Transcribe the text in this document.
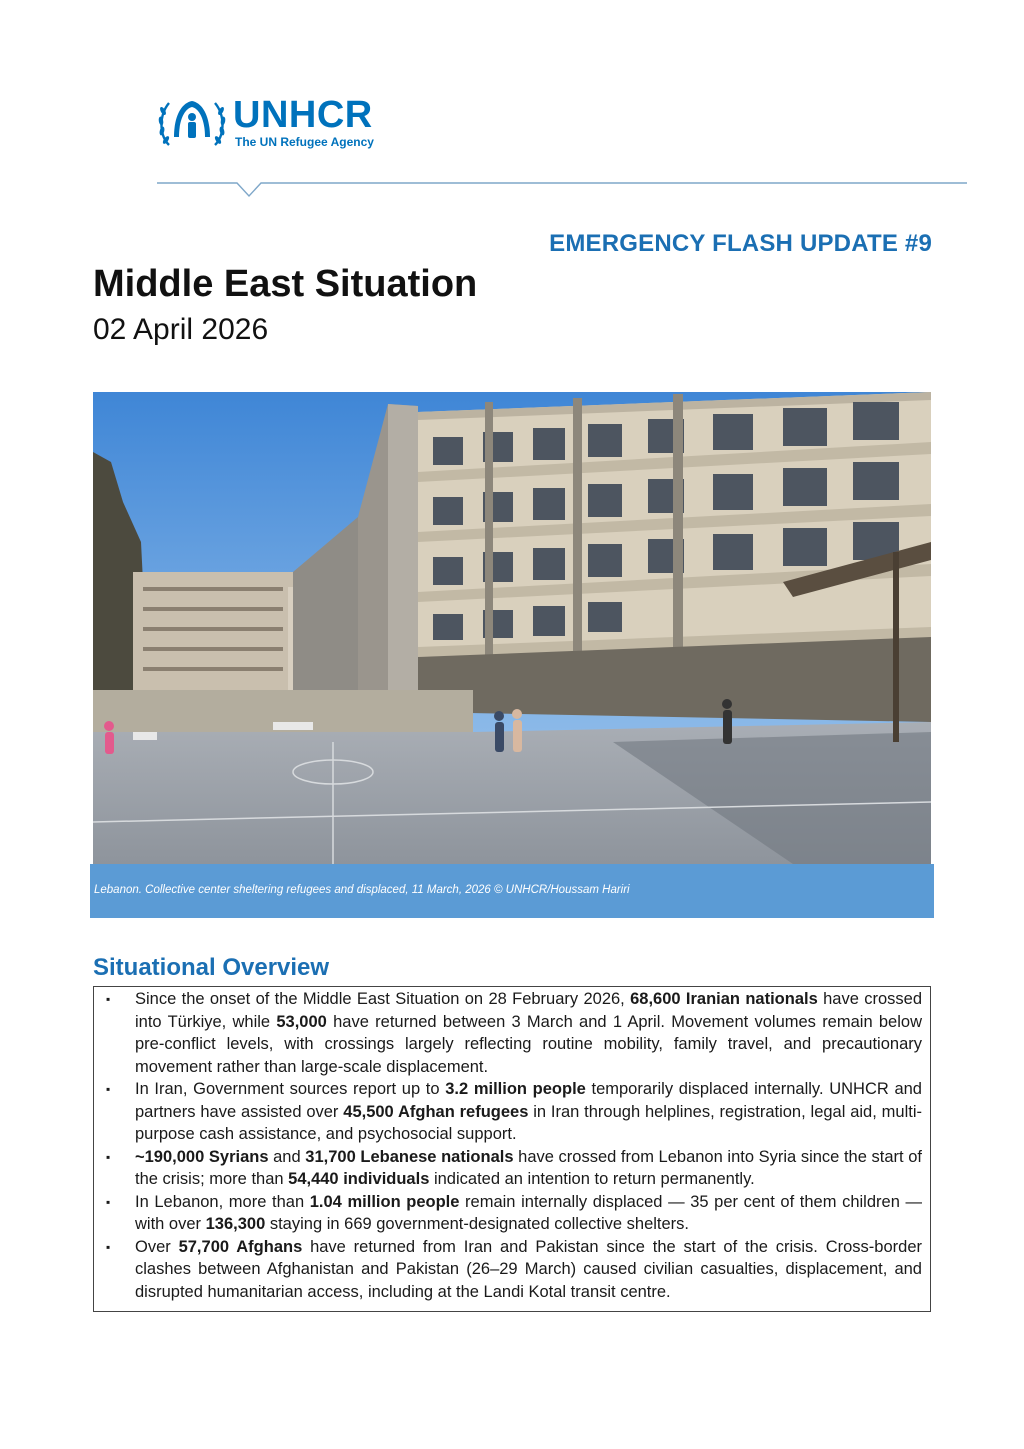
UNHCR
The UN Refugee Agency
EMERGENCY FLASH UPDATE #9
Middle East Situation
02 April 2026
Lebanon. Collective center sheltering refugees and displaced, 11 March, 2026 © UNHCR/Houssam Hariri
Situational Overview
▪ Since the onset of the Middle East Situation on 28 February 2026, 68,600 Iranian nationals have crossed into Türkiye, while 53,000 have returned between 3 March and 1 April. Movement volumes remain below pre-conflict levels, with crossings largely reflecting routine mobility, family travel, and precautionary movement rather than large-scale displacement.
▪ In Iran, Government sources report up to 3.2 million people temporarily displaced internally. UNHCR and partners have assisted over 45,500 Afghan refugees in Iran through helplines, registration, legal aid, multi-purpose cash assistance, and psychosocial support.
▪ ~190,000 Syrians and 31,700 Lebanese nationals have crossed from Lebanon into Syria since the start of the crisis; more than 54,440 individuals indicated an intention to return permanently.
▪ In Lebanon, more than 1.04 million people remain internally displaced — 35 per cent of them children — with over 136,300 staying in 669 government-designated collective shelters.
▪ Over 57,700 Afghans have returned from Iran and Pakistan since the start of the crisis. Cross-border clashes between Afghanistan and Pakistan (26–29 March) caused civilian casualties, displacement, and disrupted humanitarian access, including at the Landi Kotal transit centre.
